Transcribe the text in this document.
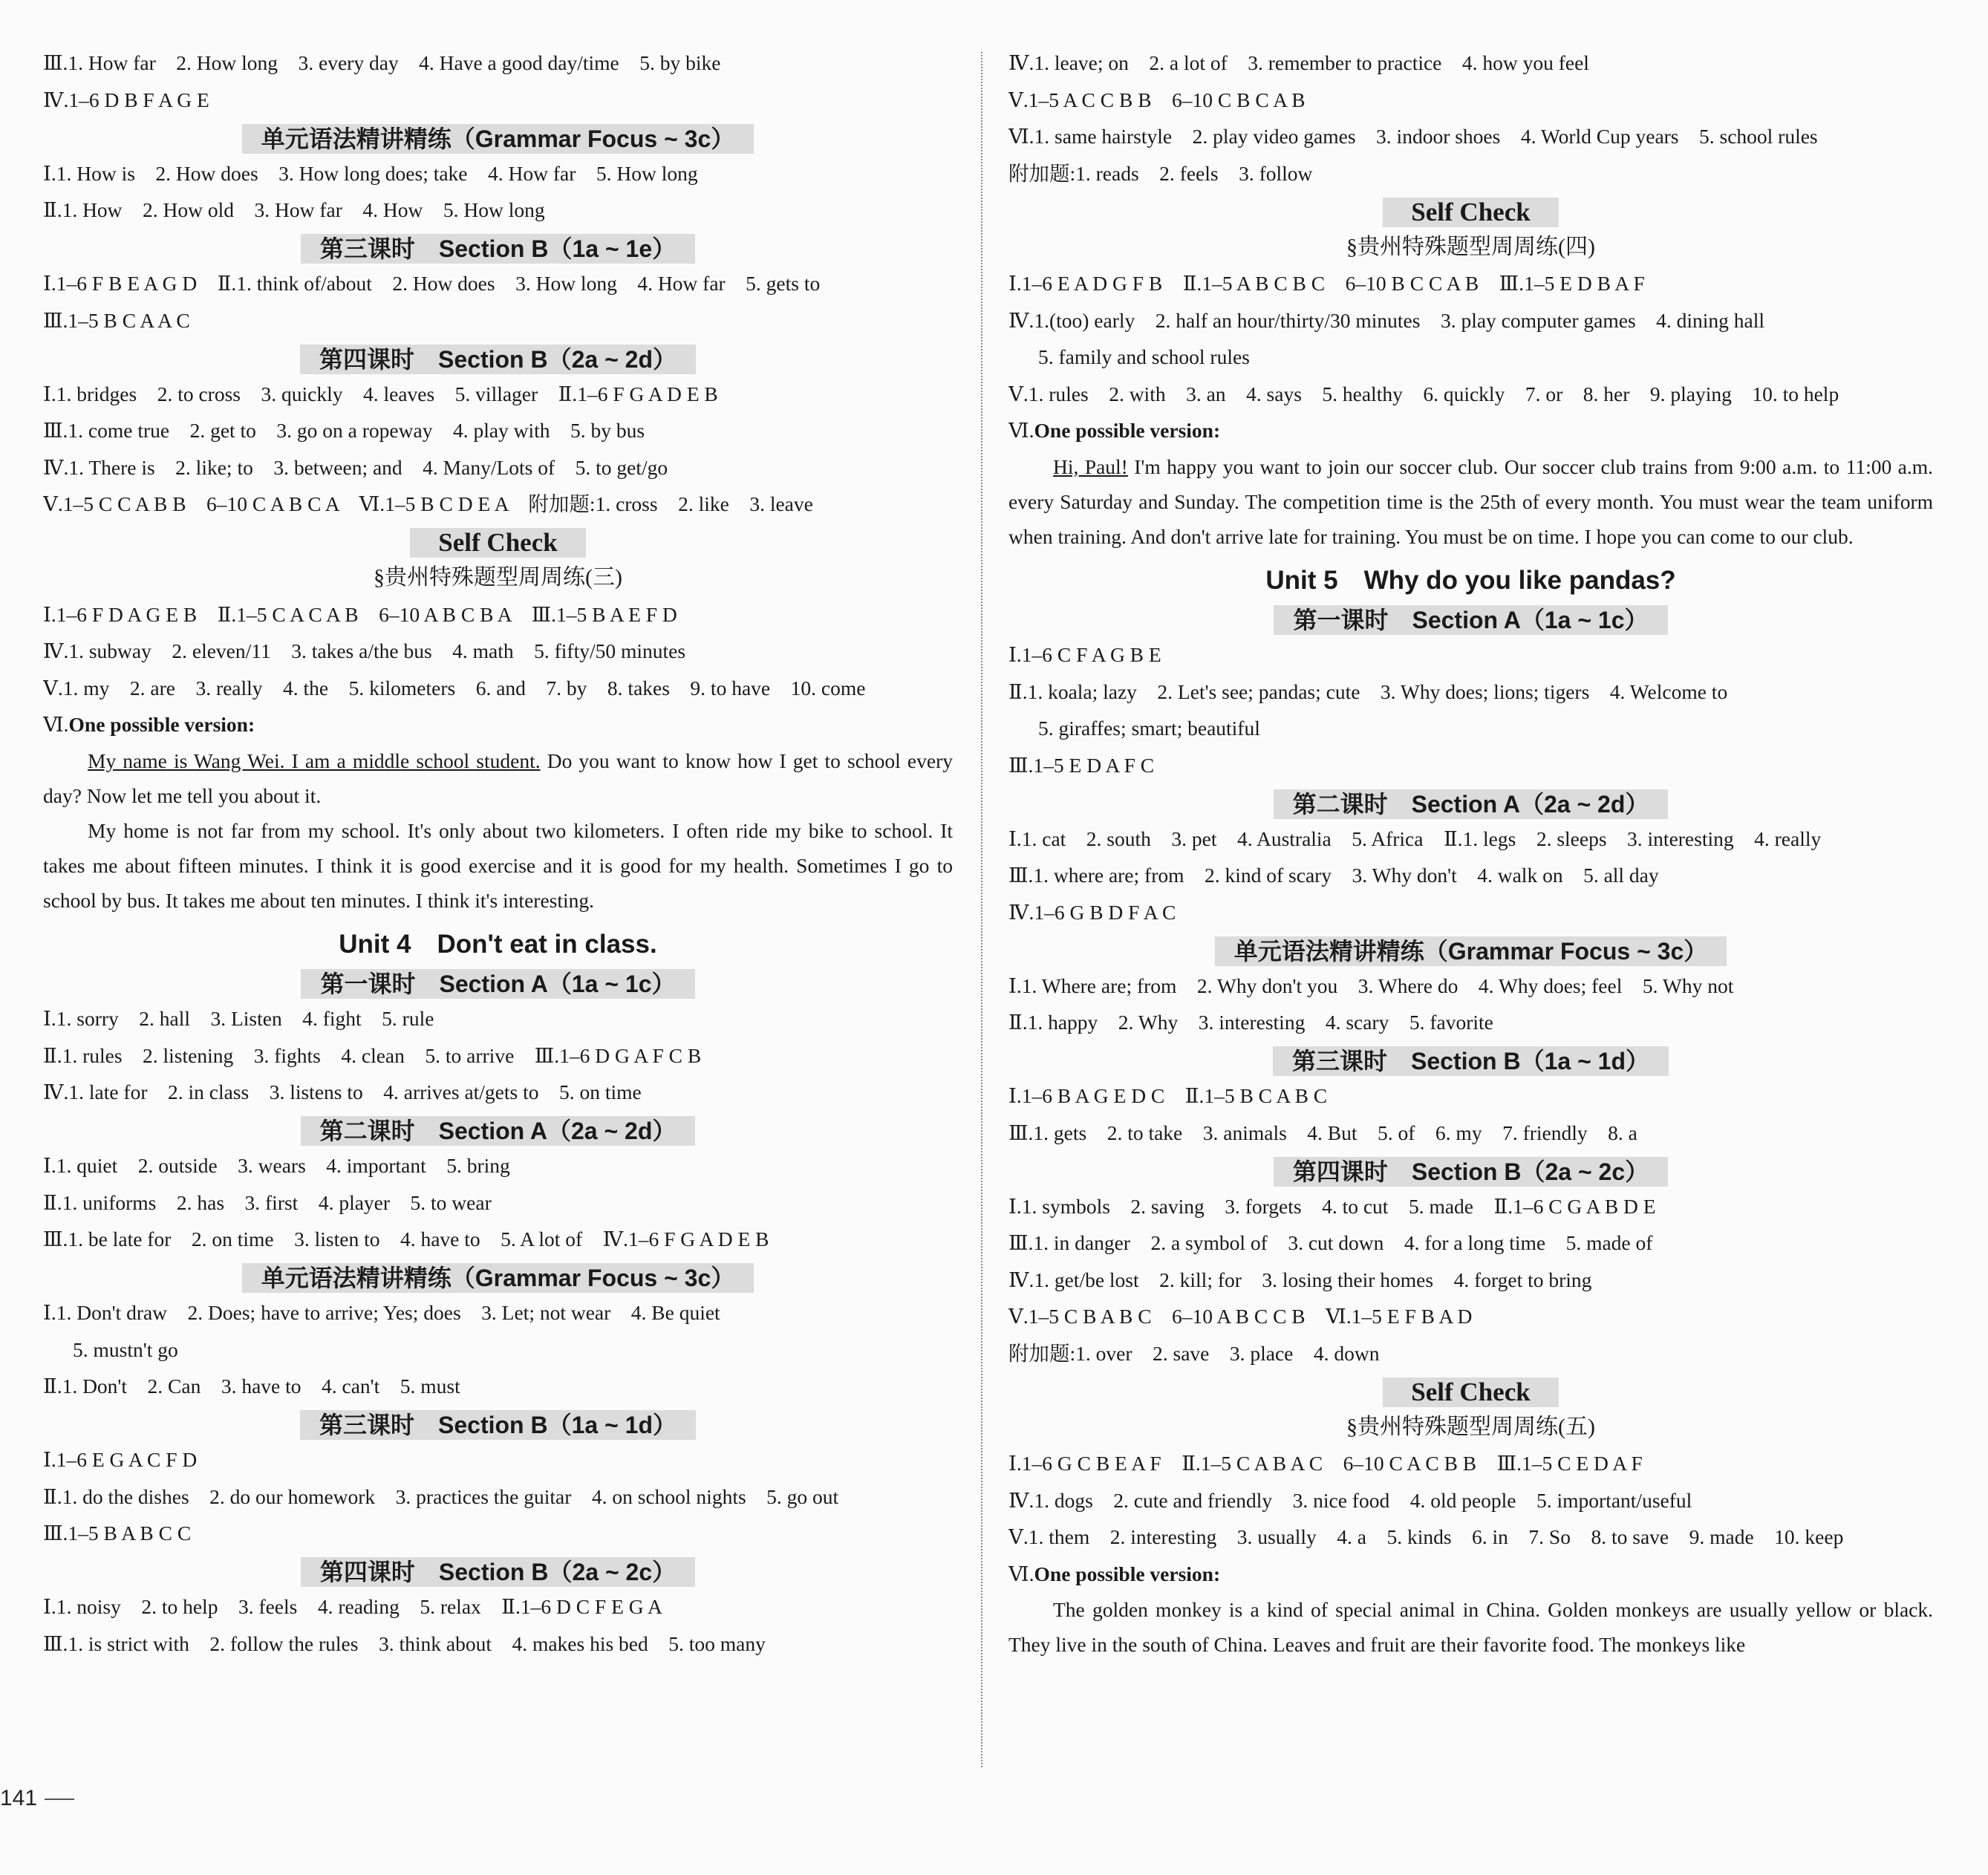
Ⅲ.1. How far　2. How long　3. every day　4. Have a good day/time　5. by bike
Ⅳ.1–6 D B F A G E
单元语法精讲精练（Grammar Focus ~ 3c）
Ⅰ.1. How is　2. How does　3. How long does; take　4. How far　5. How long
Ⅱ.1. How　2. How old　3. How far　4. How　5. How long
第三课时　Section B（1a ~ 1e）
Ⅰ.1–6 F B E A G D　Ⅱ.1. think of/about　2. How does　3. How long　4. How far　5. gets to
Ⅲ.1–5 B C A A C
第四课时　Section B（2a ~ 2d）
Ⅰ.1. bridges　2. to cross　3. quickly　4. leaves　5. villager　Ⅱ.1–6 F G A D E B
Ⅲ.1. come true　2. get to　3. go on a ropeway　4. play with　5. by bus
Ⅳ.1. There is　2. like; to　3. between; and　4. Many/Lots of　5. to get/go
Ⅴ.1–5 C C A B B　6–10 C A B C A　Ⅵ.1–5 B C D E A　附加题:1. cross　2. like　3. leave
Self Check
§贵州特殊题型周周练(三)
Ⅰ.1–6 F D A G E B　Ⅱ.1–5 C A C A B　6–10 A B C B A　Ⅲ.1–5 B A E F D
Ⅳ.1. subway　2. eleven/11　3. takes a/the bus　4. math　5. fifty/50 minutes
Ⅴ.1. my　2. are　3. really　4. the　5. kilometers　6. and　7. by　8. takes　9. to have　10. come
Ⅵ.One possible version:

My name is Wang Wei. I am a middle school student. Do you want to know how I get to school every day? Now let me tell you about it.

My home is not far from my school. It's only about two kilometers. I often ride my bike to school. It takes me about fifteen minutes. I think it is good exercise and it is good for my health. Sometimes I go to school by bus. It takes me about ten minutes. I think it's interesting.

Unit 4　Don't eat in class.
第一课时　Section A（1a ~ 1c）
Ⅰ.1. sorry　2. hall　3. Listen　4. fight　5. rule
Ⅱ.1. rules　2. listening　3. fights　4. clean　5. to arrive　Ⅲ.1–6 D G A F C B
Ⅳ.1. late for　2. in class　3. listens to　4. arrives at/gets to　5. on time
第二课时　Section A（2a ~ 2d）
Ⅰ.1. quiet　2. outside　3. wears　4. important　5. bring
Ⅱ.1. uniforms　2. has　3. first　4. player　5. to wear
Ⅲ.1. be late for　2. on time　3. listen to　4. have to　5. A lot of　Ⅳ.1–6 F G A D E B
单元语法精讲精练（Grammar Focus ~ 3c）
Ⅰ.1. Don't draw　2. Does; have to arrive; Yes; does　3. Let; not wear　4. Be quiet
5. mustn't go
Ⅱ.1. Don't　2. Can　3. have to　4. can't　5. must
第三课时　Section B（1a ~ 1d）
Ⅰ.1–6 E G A C F D
Ⅱ.1. do the dishes　2. do our homework　3. practices the guitar　4. on school nights　5. go out
Ⅲ.1–5 B A B C C
第四课时　Section B（2a ~ 2c）
Ⅰ.1. noisy　2. to help　3. feels　4. reading　5. relax　Ⅱ.1–6 D C F E G A
Ⅲ.1. is strict with　2. follow the rules　3. think about　4. makes his bed　5. too many
Ⅳ.1. leave; on　2. a lot of　3. remember to practice　4. how you feel
Ⅴ.1–5 A C C B B　6–10 C B C A B
Ⅵ.1. same hairstyle　2. play video games　3. indoor shoes　4. World Cup years　5. school rules
附加题:1. reads　2. feels　3. follow
Self Check
§贵州特殊题型周周练(四)
Ⅰ.1–6 E A D G F B　Ⅱ.1–5 A B C B C　6–10 B C C A B　Ⅲ.1–5 E D B A F
Ⅳ.1.(too) early　2. half an hour/thirty/30 minutes　3. play computer games　4. dining hall
5. family and school rules
Ⅴ.1. rules　2. with　3. an　4. says　5. healthy　6. quickly　7. or　8. her　9. playing　10. to help
Ⅵ.One possible version:

Hi, Paul! I'm happy you want to join our soccer club. Our soccer club trains from 9:00 a.m. to 11:00 a.m. every Saturday and Sunday. The competition time is the 25th of every month. You must wear the team uniform when training. And don't arrive late for training. You must be on time. I hope you can come to our club.

Unit 5　Why do you like pandas?
第一课时　Section A（1a ~ 1c）
Ⅰ.1–6 C F A G B E
Ⅱ.1. koala; lazy　2. Let's see; pandas; cute　3. Why does; lions; tigers　4. Welcome to
5. giraffes; smart; beautiful
Ⅲ.1–5 E D A F C
第二课时　Section A（2a ~ 2d）
Ⅰ.1. cat　2. south　3. pet　4. Australia　5. Africa　Ⅱ.1. legs　2. sleeps　3. interesting　4. really
Ⅲ.1. where are; from　2. kind of scary　3. Why don't　4. walk on　5. all day
Ⅳ.1–6 G B D F A C
单元语法精讲精练（Grammar Focus ~ 3c）
Ⅰ.1. Where are; from　2. Why don't you　3. Where do　4. Why does; feel　5. Why not
Ⅱ.1. happy　2. Why　3. interesting　4. scary　5. favorite
第三课时　Section B（1a ~ 1d）
Ⅰ.1–6 B A G E D C　Ⅱ.1–5 B C A B C
Ⅲ.1. gets　2. to take　3. animals　4. But　5. of　6. my　7. friendly　8. a
第四课时　Section B（2a ~ 2c）
Ⅰ.1. symbols　2. saving　3. forgets　4. to cut　5. made　Ⅱ.1–6 C G A B D E
Ⅲ.1. in danger　2. a symbol of　3. cut down　4. for a long time　5. made of
Ⅳ.1. get/be lost　2. kill; for　3. losing their homes　4. forget to bring
Ⅴ.1–5 C B A B C　6–10 A B C C B　Ⅵ.1–5 E F B A D
附加题:1. over　2. save　3. place　4. down
Self Check
§贵州特殊题型周周练(五)
Ⅰ.1–6 G C B E A F　Ⅱ.1–5 C A B A C　6–10 C A C B B　Ⅲ.1–5 C E D A F
Ⅳ.1. dogs　2. cute and friendly　3. nice food　4. old people　5. important/useful
Ⅴ.1. them　2. interesting　3. usually　4. a　5. kinds　6. in　7. So　8. to save　9. made　10. keep
Ⅵ.One possible version:

The golden monkey is a kind of special animal in China. Golden monkeys are usually yellow or black. They live in the south of China. Leaves and fruit are their favorite food. The monkeys like

141
